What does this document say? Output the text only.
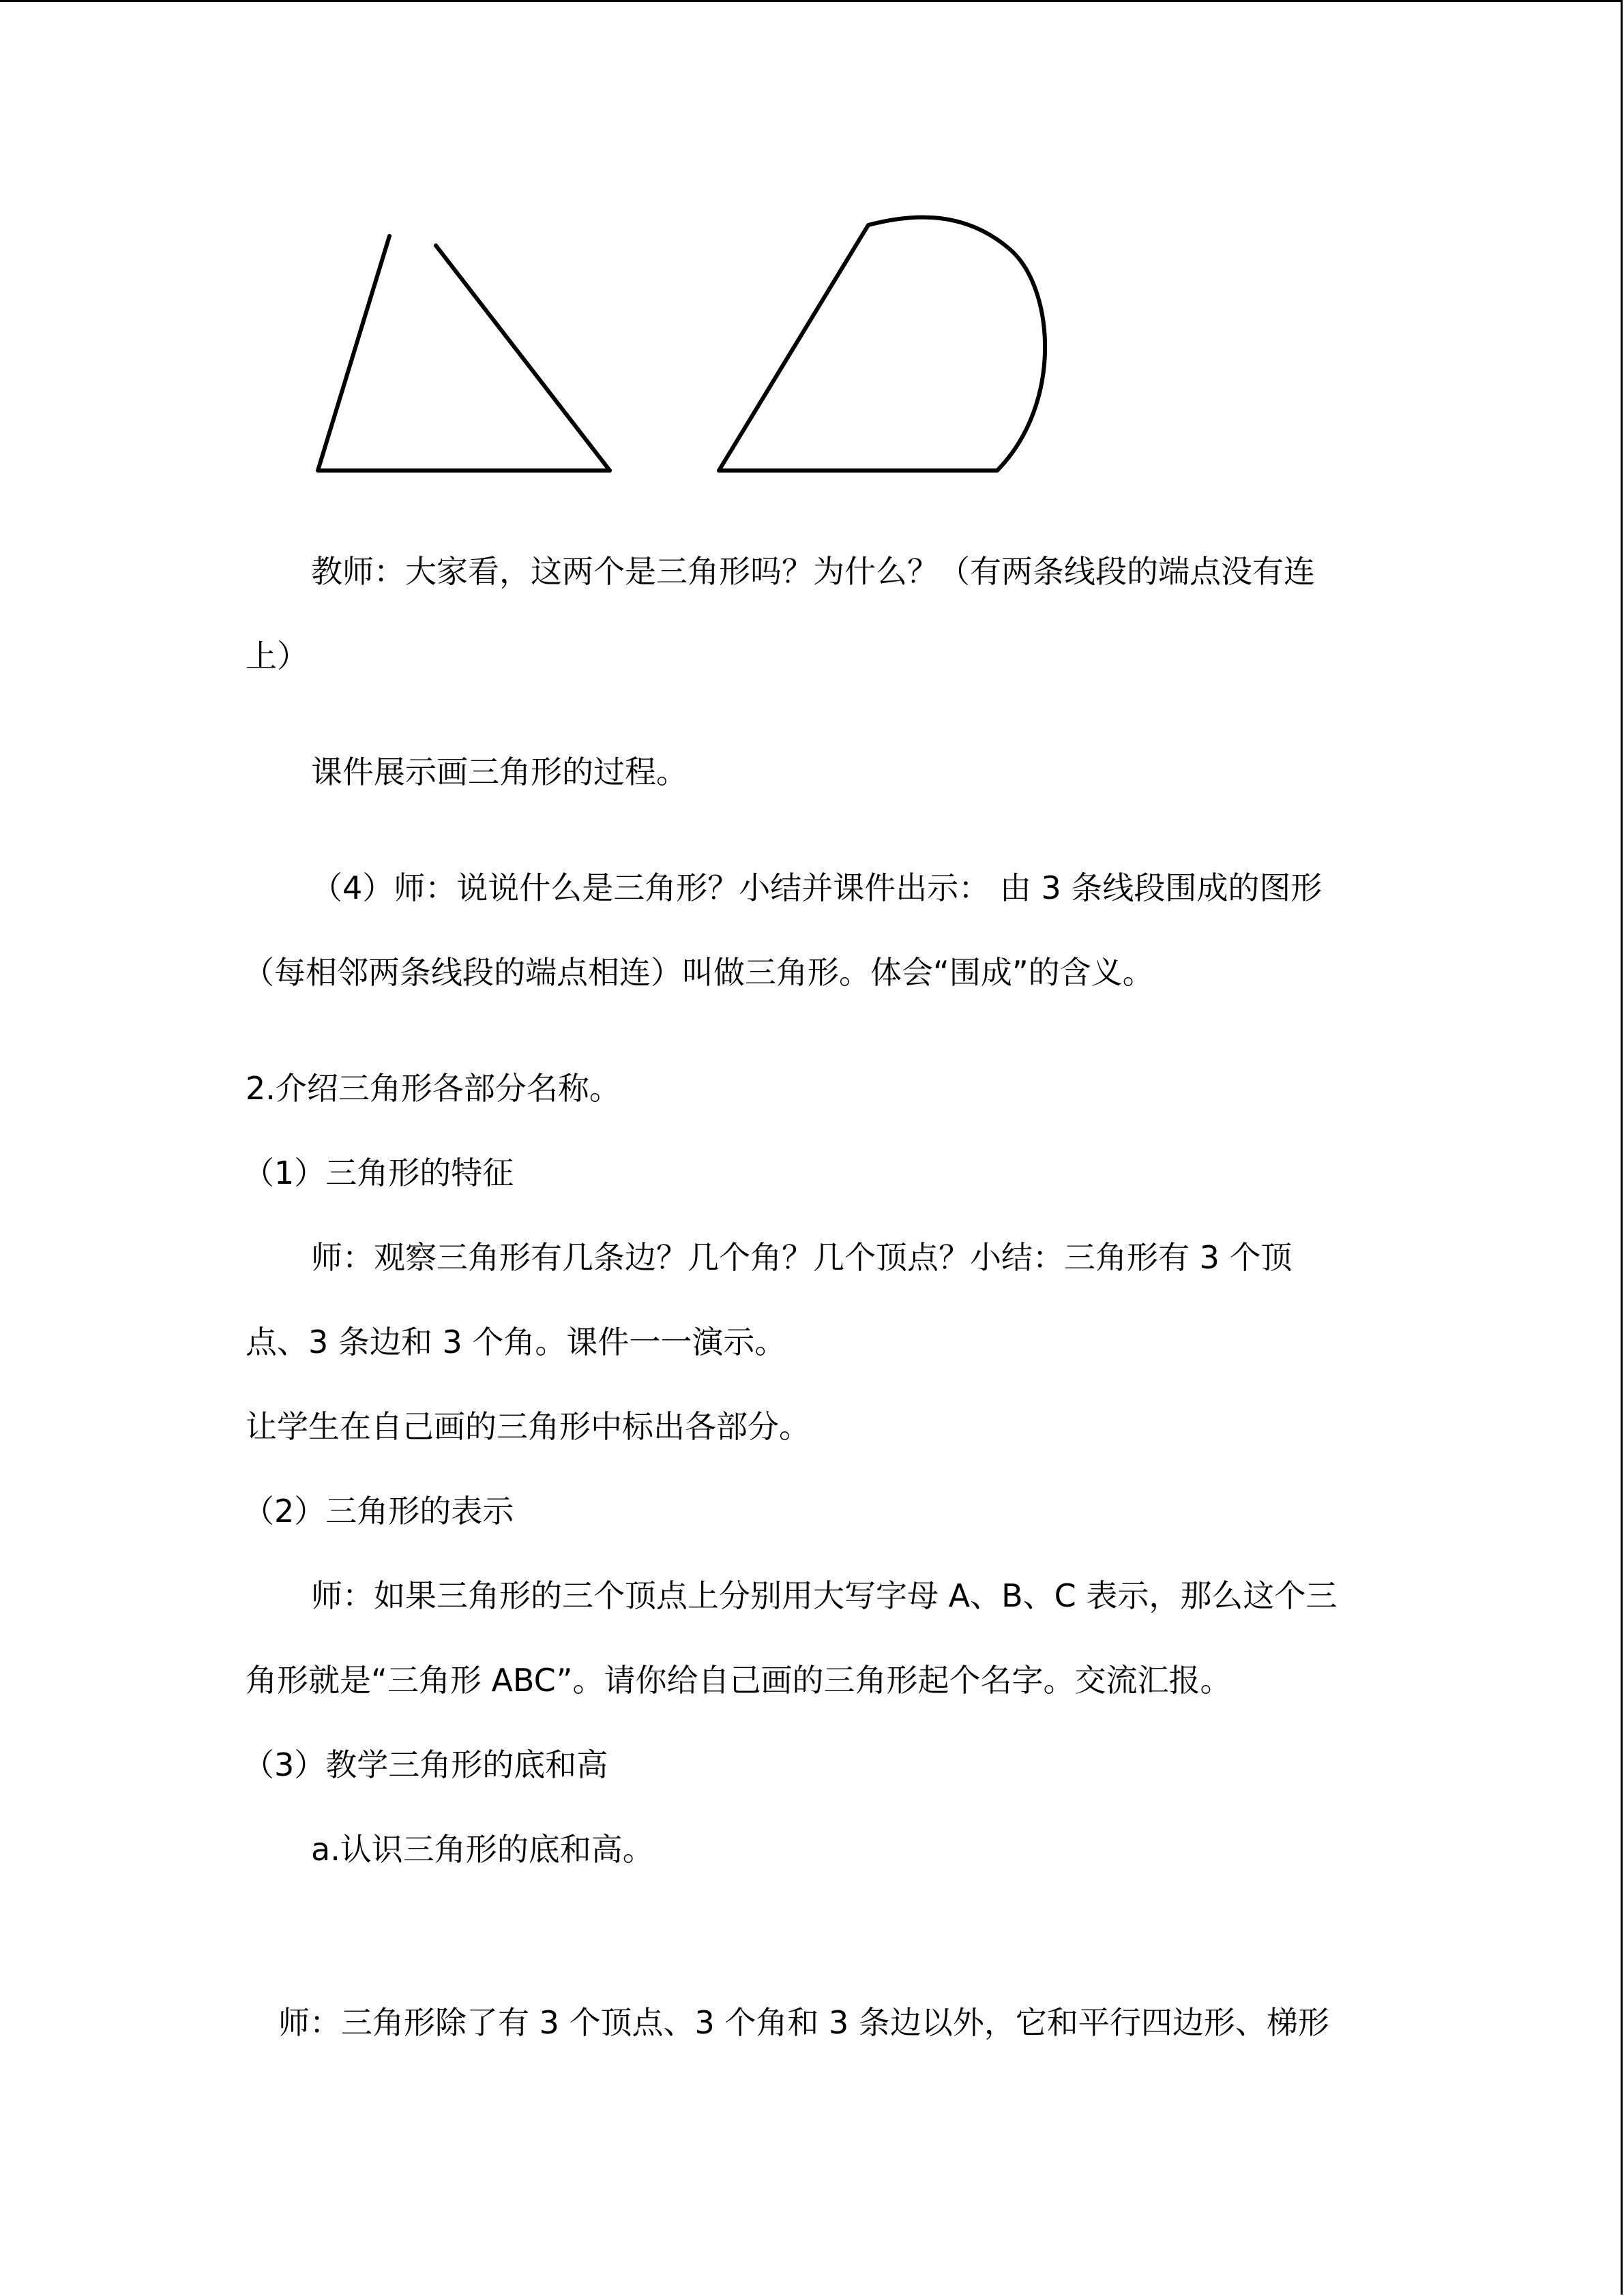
教师：大家看，这两个是三角形吗？为什么？（有两条线段的端点没有连
上）
课件展示画三角形的过程。
（4）师：说说什么是三角形？小结并课件出示： 由 3 条线段围成的图形
（每相邻两条线段的端点相连）叫做三角形。体会“围成”的含义。
2.介绍三角形各部分名称。
（1）三角形的特征
师：观察三角形有几条边？几个角？几个顶点？小结：三角形有 3 个顶
点、3 条边和 3 个角。课件一一演示。
让学生在自己画的三角形中标出各部分。
（2）三角形的表示
师：如果三角形的三个顶点上分别用大写字母 A、B、C 表示，那么这个三
角形就是“三角形 ABC”。请你给自己画的三角形起个名字。交流汇报。
（3）教学三角形的底和高
a.认识三角形的底和高。
师：三角形除了有 3 个顶点、3 个角和 3 条边以外，它和平行四边形、梯形
